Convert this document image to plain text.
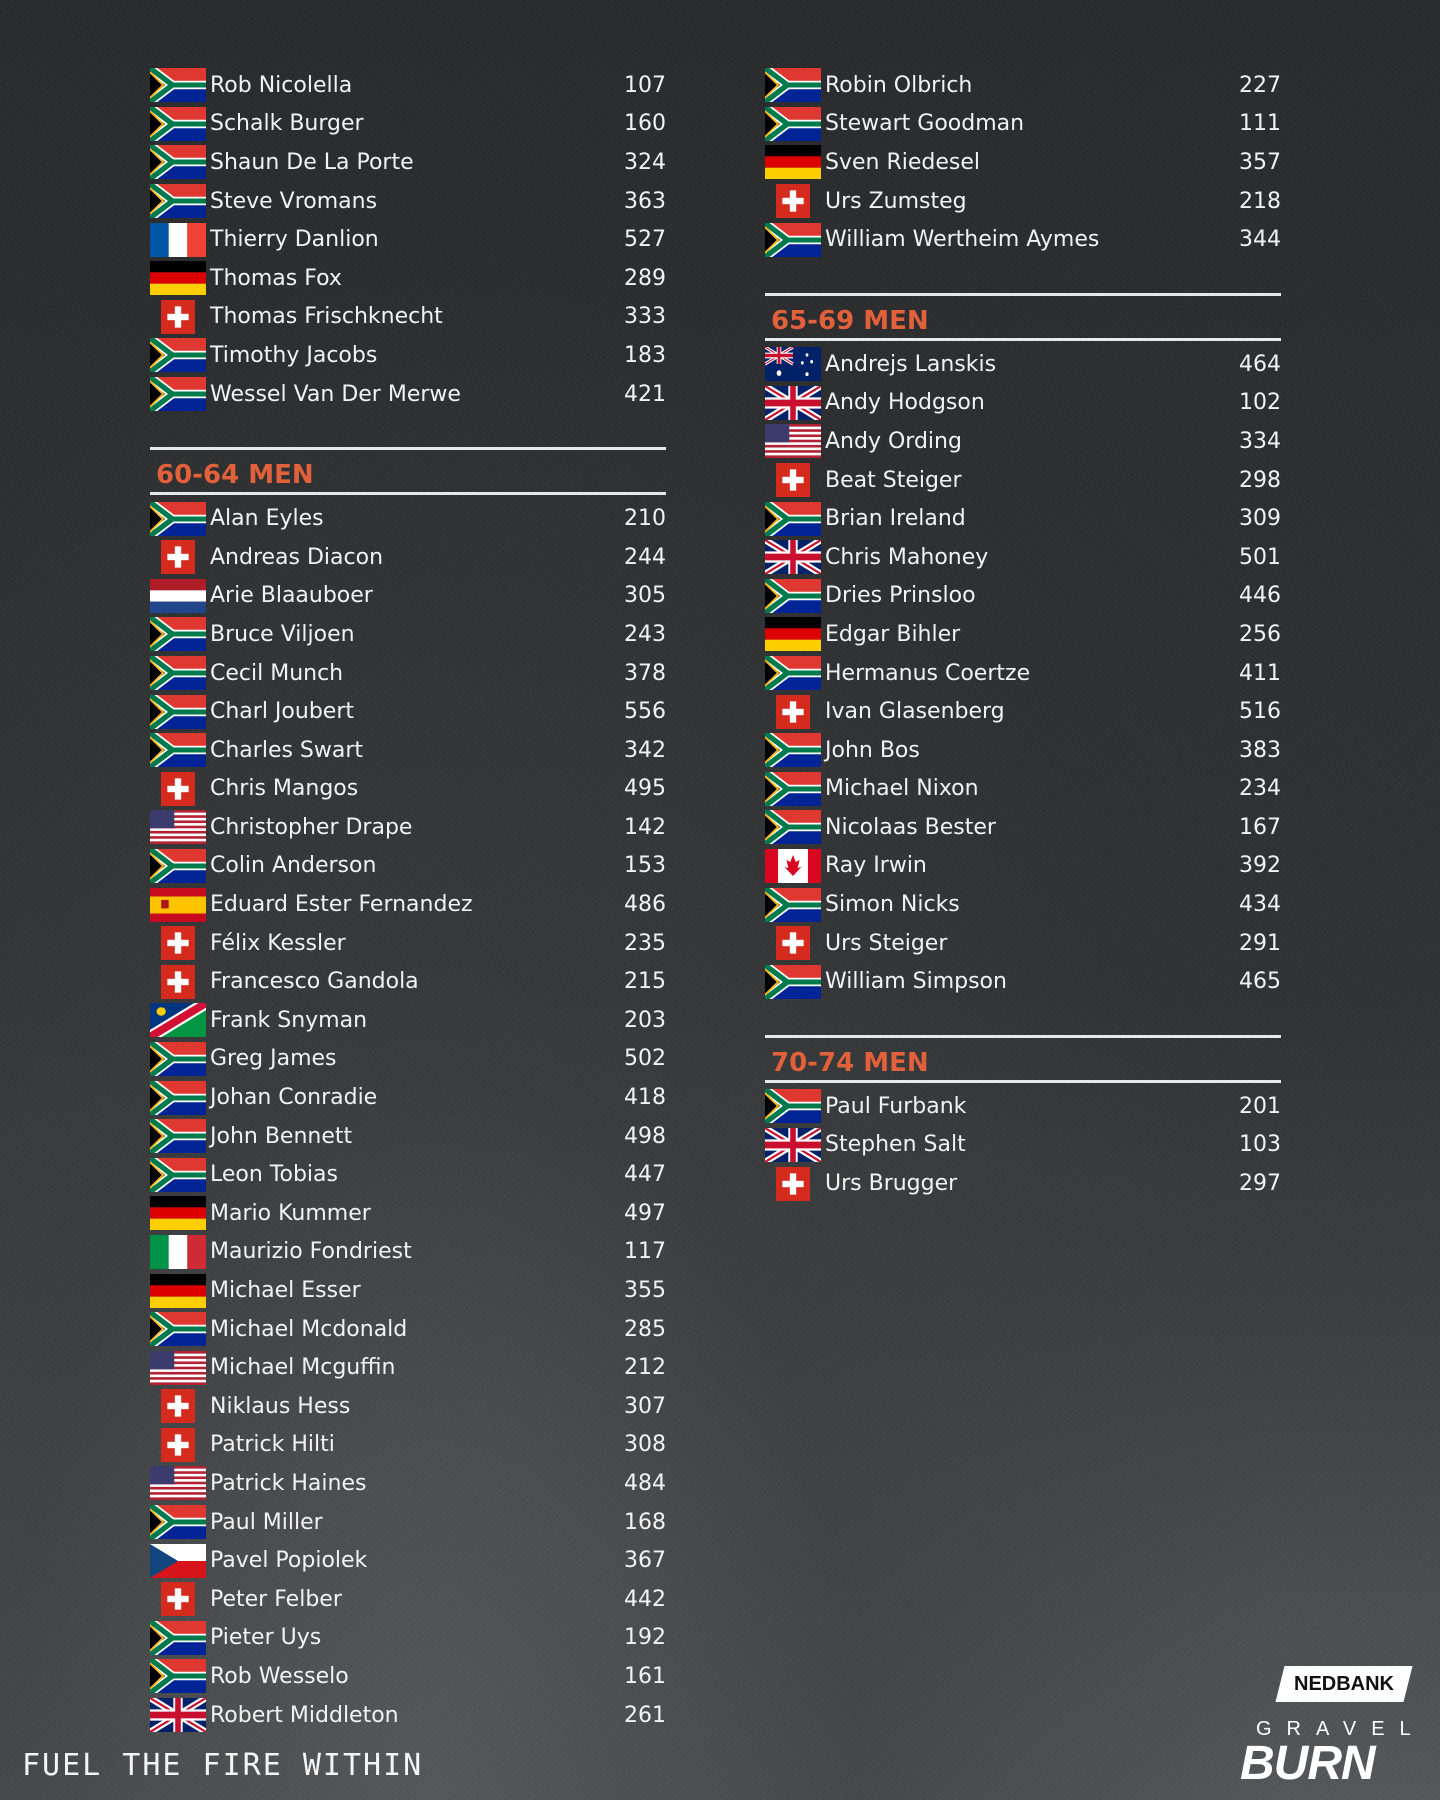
Rob Nicolella	107
Schalk Burger	160
Shaun De La Porte	324
Steve Vromans	363
Thierry Danlion	527
Thomas Fox	289
Thomas Frischknecht	333
Timothy Jacobs	183
Wessel Van Der Merwe	421
60-64 MEN
Alan Eyles	210
Andreas Diacon	244
Arie Blaauboer	305
Bruce Viljoen	243
Cecil Munch	378
Charl Joubert	556
Charles Swart	342
Chris Mangos	495
Christopher Drape	142
Colin Anderson	153
Eduard Ester Fernandez	486
Félix Kessler	235
Francesco Gandola	215
Frank Snyman	203
Greg James	502
Johan Conradie	418
John Bennett	498
Leon Tobias	447
Mario Kummer	497
Maurizio Fondriest	117
Michael Esser	355
Michael Mcdonald	285
Michael Mcguffin	212
Niklaus Hess	307
Patrick Hilti	308
Patrick Haines	484
Paul Miller	168
Pavel Popiolek	367
Peter Felber	442
Pieter Uys	192
Rob Wesselo	161
Robert Middleton	261
Robin Olbrich	227
Stewart Goodman	111
Sven Riedesel	357
Urs Zumsteg	218
William Wertheim Aymes	344
65-69 MEN
Andrejs Lanskis	464
Andy Hodgson	102
Andy Ording	334
Beat Steiger	298
Brian Ireland	309
Chris Mahoney	501
Dries Prinsloo	446
Edgar Bihler	256
Hermanus Coertze	411
Ivan Glasenberg	516
John Bos	383
Michael Nixon	234
Nicolaas Bester	167
Ray Irwin	392
Simon Nicks	434
Urs Steiger	291
William Simpson	465
70-74 MEN
Paul Furbank	201
Stephen Salt	103
Urs Brugger	297
FUEL THE FIRE WITHIN
NEDBANK
GRAVEL
BURN
